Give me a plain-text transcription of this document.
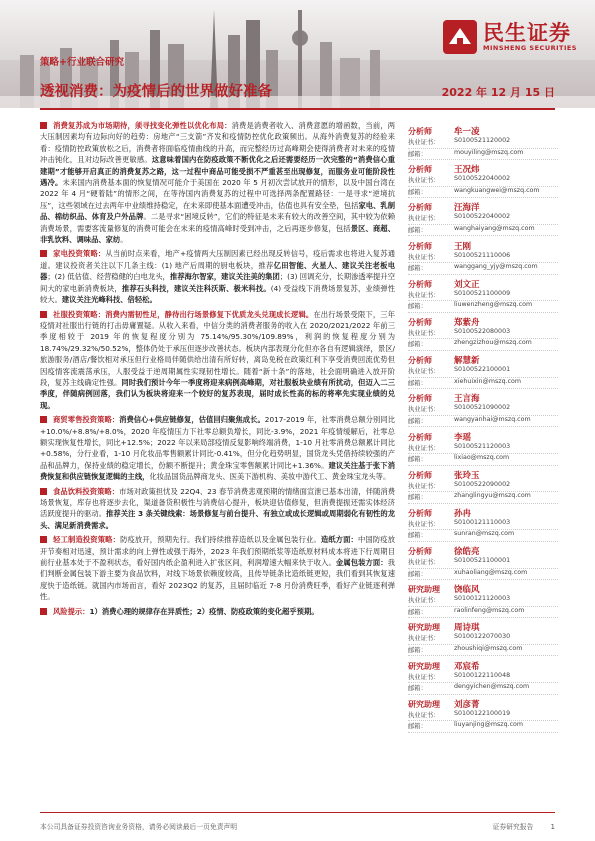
民生证券
MINSHENG SECURITIES
策略+行业联合研究
透视消费：为疫情后的世界做好准备	2022 年 12 月 15 日

消费复苏成为市场期待，须寻找变化弹性以优化布局：消费是消费者收入、消费意愿的增函数，当前，两大压制因素均有边际向好的趋势：房地产“三支箭”齐发和疫情防控优化政策频出。从海外消费复苏的经验来看：疫情防控政策放松之后，消费者将面临疫情曲线的升高，而完整经历过高峰期会使得消费者对未来的疫情冲击钝化，且对边际改善更敏感。这意味着国内在防疫政策不断优化之后还需要经历一次完整的“消费信心重建期”才能够开启真正的消费复苏之路，这一过程中商品可能受损不严重甚至出现修复，而服务业可能阶段性遇冷。未来国内消费基本面的恢复情况可能介于美国在 2020 年 5 月初次尝试放开的情形，以及中国台湾在 2022 年 4 月“硬着陆”的情形之间，在等待国内消费复苏的过程中可选择两条配置路径：一是寻求“逆境抗压”，这些领域在过去两年中业绩维持稳定，在未来即使基本面遭受冲击，估值也具有安全垫，包括家电、乳制品、棉纺织品、体育及户外品牌。二是寻求“困境反转”，它们的特征是未来有较大的改善空间，其中较为依赖消费场景，需要客流量修复的消费可能会在未来的疫情高峰时受到冲击，之后再逐步修复，包括景区、商超、非乳饮料、调味品、家纺。

家电投资策略：从当前时点来看，地产+疫情两大压制因素已经出现反转信号，疫后需求也将进入复苏通道。建议投资者关注以下几条主线：(1) 地产后周期的厨电板块，推荐亿田智能、火星人、建议关注老板电器；(2) 低估值、经营稳健的白电龙头，推荐海尔智家，建议关注美的集团；(3) 回调充分，长期渗透率提升空间大的家电新消费板块，推荐石头科技，建议关注科沃斯、极米科技。(4) 受益线下消费场景复苏，业绩弹性较大。建议关注光峰科技、倍轻松。

社服投资策略：消费内需韧性足，静待出行场景修复下优质龙头兑现成长逻辑。在出行场景受限下，三年疫情对社服出行链的打击毋庸置疑。从收入来看，中信分类的消费者服务的收入在 2020/2021/2022 年前三季度相较于 2019 年的恢复程度分别为 75.14%/95.30%/109.89%，利润的恢复程度分别为 18.74%/29.32%/50.52%，整体仍处于承压但逐步改善状态。板块内部表现分化但亦各自有逻辑演绎，景区/旅游服务/酒店/餐饮相对承压但行业格局伴随供给出清有所好转，离岛免税在政策红利下享受消费回流优势但因疫情客流震荡承压，人服受益于逆周期属性实现韧性增长。随着“新十条”的落地，社会面明确进入放开阶段，复苏主线确定性强。同时我们预计今年一季度将迎来病例高峰期，对社服板块业绩有所扰动，但迈入二三季度，伴随病例回落，我们认为板块将迎来一个较好的复苏表现，届时成长性高的标的将率先实现业绩的兑现。

商贸零售投资策略：消费信心+供应链修复，估值回归聚焦成长。2017-2019 年，社零消费总额分别同比+10.0%/+8.8%/+8.0%，2020 年疫情压力下社零总额负增长，同比-3.9%，2021 年疫情缓解后，社零总额实现恢复性增长，同比+12.5%；2022 年以来局部疫情反复影响终端消费，1-10 月社零消费总额累计同比+0.58%，分行业看，1-10 月化妆品零售额累计同比-0.41%，但分化趋势明显，国货龙头凭借持续较强的产品和品牌力，保持业绩的稳定增长，份额不断提升；黄金珠宝零售额累计同比+1.36%。建议关注基于张下消费恢复和供应链恢复逻辑的主线，化妆品国货品牌商龙头、医美下游机构、美妆中游代工、黄金珠宝龙头等。

食品饮料投资策略：市场对政策担忧及 22Q4、23 春节消费悲观预期的情绪面宣泄已基本出清，伴随消费场景恢复，库存也将逐步去化，渠道备货积极性与消费信心提升，板块迎估值修复，但消费提振还需实体经济活跃度提升的驱动。推荐关注 3 条关键线索：场景修复与前台提升、有独立或成长逻辑或周期弱化有韧性的龙头、满足新消费需求。

轻工制造投资策略：防疫放开，预期先行。我们持续推荐造纸以及金属包装行业。造纸方面：中国防疫放开节奏相对迅速，预计需求的向上弹性或强于海外，2023 年我们预期纸浆等造纸原材料成本将进下行周期目前行业基本处于不盈利状态，看好国内纸企盈利进入扩张区间，利润增速大幅来快于收入。金属包装方面：我们判断金属包装下游主要为食品饮料，对线下场景依赖度较高，且传导链条比造纸链更短，我们看到其恢复速度快于造纸链。就国内市场而言，看好 2023Q2 的复苏，且届时临近 7-8 月份消费旺季，看好产业链逐利弹性。

风险提示：1）消费心理的规律存在异质性；2）疫情、防疫政策的变化超乎预期。

分析师	牟一凌
执业证书：	S0100521120002
邮箱：	mouyiling@mszq.com
分析师	王况炜
执业证书：	S0100522040002
邮箱：	wangkuangwei@mszq.com
分析师	汪海洋
执业证书：	S0100522040002
邮箱：	wanghaiyang@mszq.com
分析师	王刚
执业证书：	S0100521110006
邮箱：	wanggang_yjy@mszq.com
分析师	刘文正
执业证书：	S0100521100009
邮箱：	liuwenzheng@mszq.com
分析师	郑紫舟
执业证书：	S0100522080003
邮箱：	zhengzizhou@mszq.com
分析师	解慧新
执业证书：	S0100522100001
邮箱：	xiehuixin@mszq.com
分析师	王言海
执业证书：	S0100521090002
邮箱：	wangyanhai@mszq.com
分析师	李瑶
执业证书：	S0100521120003
邮箱：	lixiao@mszq.com
分析师	张玲玉
执业证书：	S0100522090002
邮箱：	zhanglingyu@mszq.com
分析师	孙冉
执业证书：	S0100121110003
邮箱：	sunran@mszq.com
分析师	徐皓亮
执业证书：	S0100521100001
邮箱：	xuhaoliang@mszq.com
研究助理	饶临风
执业证书：	S0100121120003
邮箱：	raolinfeng@mszq.com
研究助理	周诗琪
执业证书：	S0100122070030
邮箱：	zhoushiqi@mszq.com
研究助理	邓宸希
执业证书：	S0100122110048
邮箱：	dengyichen@mszq.com
研究助理	刘彦菁
执业证书：	S0100122100019
邮箱：	liuyanjing@mszq.com
本公司具备证券投资咨询业务资格，请务必阅读最后一页免责声明	证券研究报告	1
